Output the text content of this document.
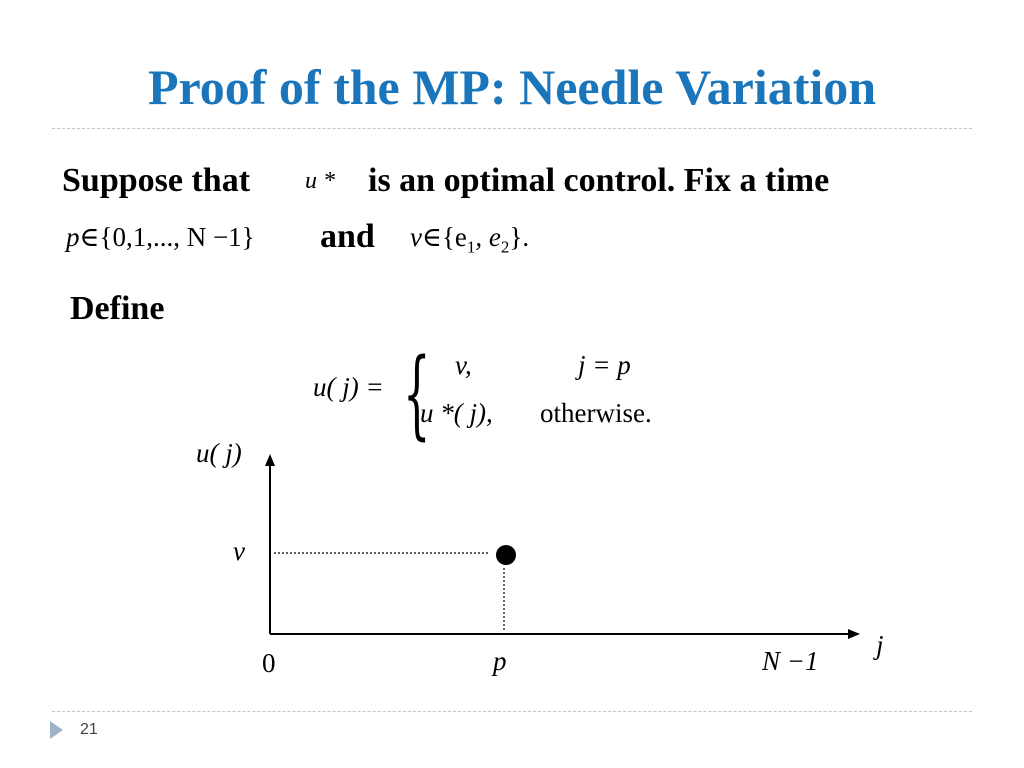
Proof of the MP: Needle Variation
Suppose that u * is an optimal control. Fix a time
p∈{0,1,..., N −1} and $v\in\{e_1$, $e_2$}.
Define
u( j) = { v,	j = p
u *( j), otherwise.
u( j)
j
v
0	p	N −1
21
